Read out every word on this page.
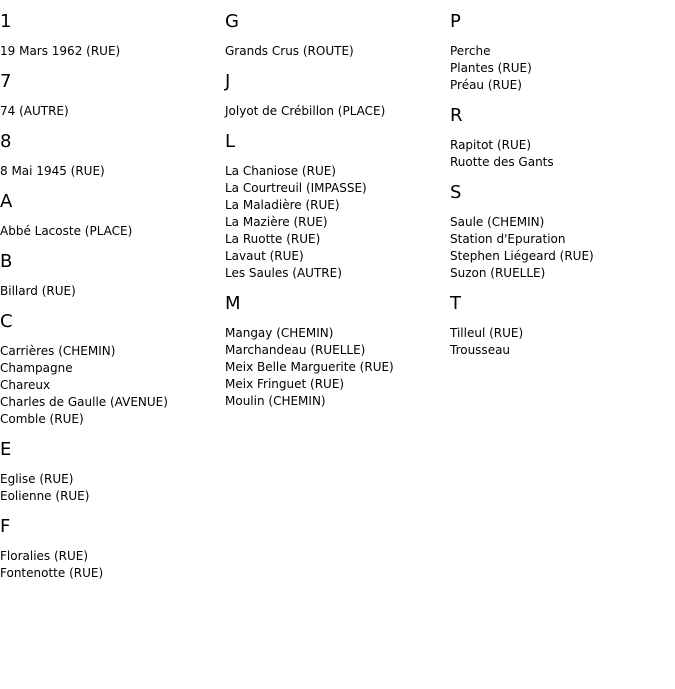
1
19 Mars 1962 (RUE)
7
74 (AUTRE)
8
8 Mai 1945 (RUE)
A
Abbé Lacoste (PLACE)
B
Billard (RUE)
C
Carrières (CHEMIN)
Champagne
Chareux
Charles de Gaulle (AVENUE)
Comble (RUE)
E
Eglise (RUE)
Eolienne (RUE)
F
Floralies (RUE)
Fontenotte (RUE)
G
Grands Crus (ROUTE)
J
Jolyot de Crébillon (PLACE)
L
La Chaniose (RUE)
La Courtreuil (IMPASSE)
La Maladière (RUE)
La Mazière (RUE)
La Ruotte (RUE)
Lavaut (RUE)
Les Saules (AUTRE)
M
Mangay (CHEMIN)
Marchandeau (RUELLE)
Meix Belle Marguerite (RUE)
Meix Fringuet (RUE)
Moulin (CHEMIN)
P
Perche
Plantes (RUE)
Préau (RUE)
R
Rapitot (RUE)
Ruotte des Gants
S
Saule (CHEMIN)
Station d'Epuration
Stephen Liégeard (RUE)
Suzon (RUELLE)
T
Tilleul (RUE)
Trousseau
